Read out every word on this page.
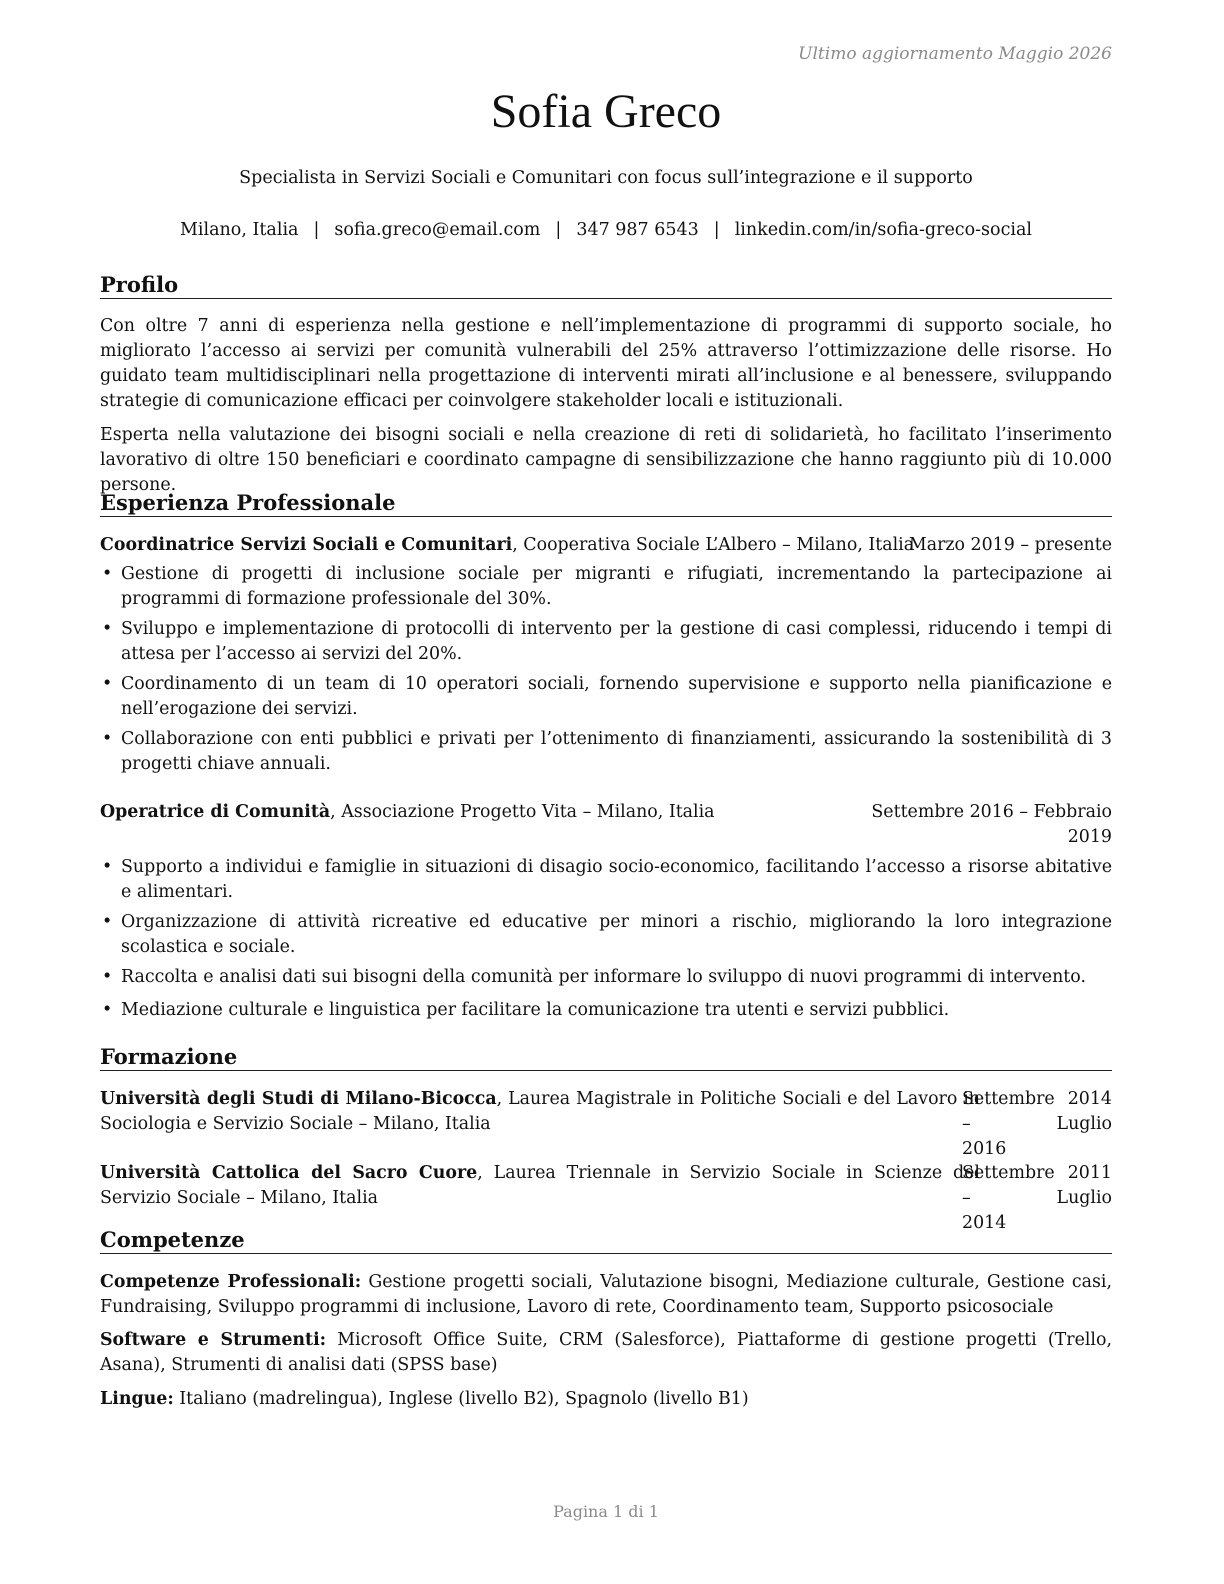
Ultimo aggiornamento Maggio 2026
Sofia Greco
Specialista in Servizi Sociali e Comunitari con focus sull’integrazione e il supporto
Milano, Italia | sofia.greco@email.com | 347 987 6543 | linkedin.com/in/sofia-greco-social
Profilo
Con oltre 7 anni di esperienza nella gestione e nell’implementazione di programmi di supporto sociale, ho migliorato l’accesso ai servizi per comunità vulnerabili del 25% attraverso l’ottimizzazione delle risorse. Ho guidato team multidisciplinari nella progettazione di interventi mirati all’inclusione e al benessere, sviluppando strategie di comunicazione efficaci per coinvolgere stakeholder locali e istituzionali.
Esperta nella valutazione dei bisogni sociali e nella creazione di reti di solidarietà, ho facilitato l’inserimento lavorativo di oltre 150 beneficiari e coordinato campagne di sensibilizzazione che hanno raggiunto più di 10.000 persone.
Esperienza Professionale
Coordinatrice Servizi Sociali e Comunitari, Cooperativa Sociale L’Albero – Milano, Italia
Marzo 2019 – presente
• Gestione di progetti di inclusione sociale per migranti e rifugiati, incrementando la partecipazione ai programmi di formazione professionale del 30%.
• Sviluppo e implementazione di protocolli di intervento per la gestione di casi complessi, riducendo i tempi di attesa per l’accesso ai servizi del 20%.
• Coordinamento di un team di 10 operatori sociali, fornendo supervisione e supporto nella pianificazione e nell’erogazione dei servizi.
• Collaborazione con enti pubblici e privati per l’ottenimento di finanziamenti, assicurando la sostenibilità di 3 progetti chiave annuali.
Operatrice di Comunità, Associazione Progetto Vita – Milano, Italia	Settembre 2016 – Febbraio
2019
• Supporto a individui e famiglie in situazioni di disagio socio-economico, facilitando l’accesso a risorse abitative e alimentari.
• Organizzazione di attività ricreative ed educative per minori a rischio, migliorando la loro integrazione scolastica e sociale.
• Raccolta e analisi dati sui bisogni della comunità per informare lo sviluppo di nuovi programmi di intervento.
• Mediazione culturale e linguistica per facilitare la comunicazione tra utenti e servizi pubblici.
Formazione
Università degli Studi di Milano-Bicocca, Laurea Magistrale in Politiche Sociali e del Lavoro in Sociologia e Servizio Sociale – Milano, Italia
Settembre 2014 – Luglio
2016
Università Cattolica del Sacro Cuore, Laurea Triennale in Servizio Sociale in Scienze del Servizio Sociale – Milano, Italia
Settembre 2011 – Luglio
2014
Competenze
Competenze Professionali: Gestione progetti sociali, Valutazione bisogni, Mediazione culturale, Gestione casi, Fundraising, Sviluppo programmi di inclusione, Lavoro di rete, Coordinamento team, Supporto psicosociale
Software e Strumenti: Microsoft Office Suite, CRM (Salesforce), Piattaforme di gestione progetti (Trello, Asana), Strumenti di analisi dati (SPSS base)
Lingue: Italiano (madrelingua), Inglese (livello B2), Spagnolo (livello B1)
Pagina 1 di 1
